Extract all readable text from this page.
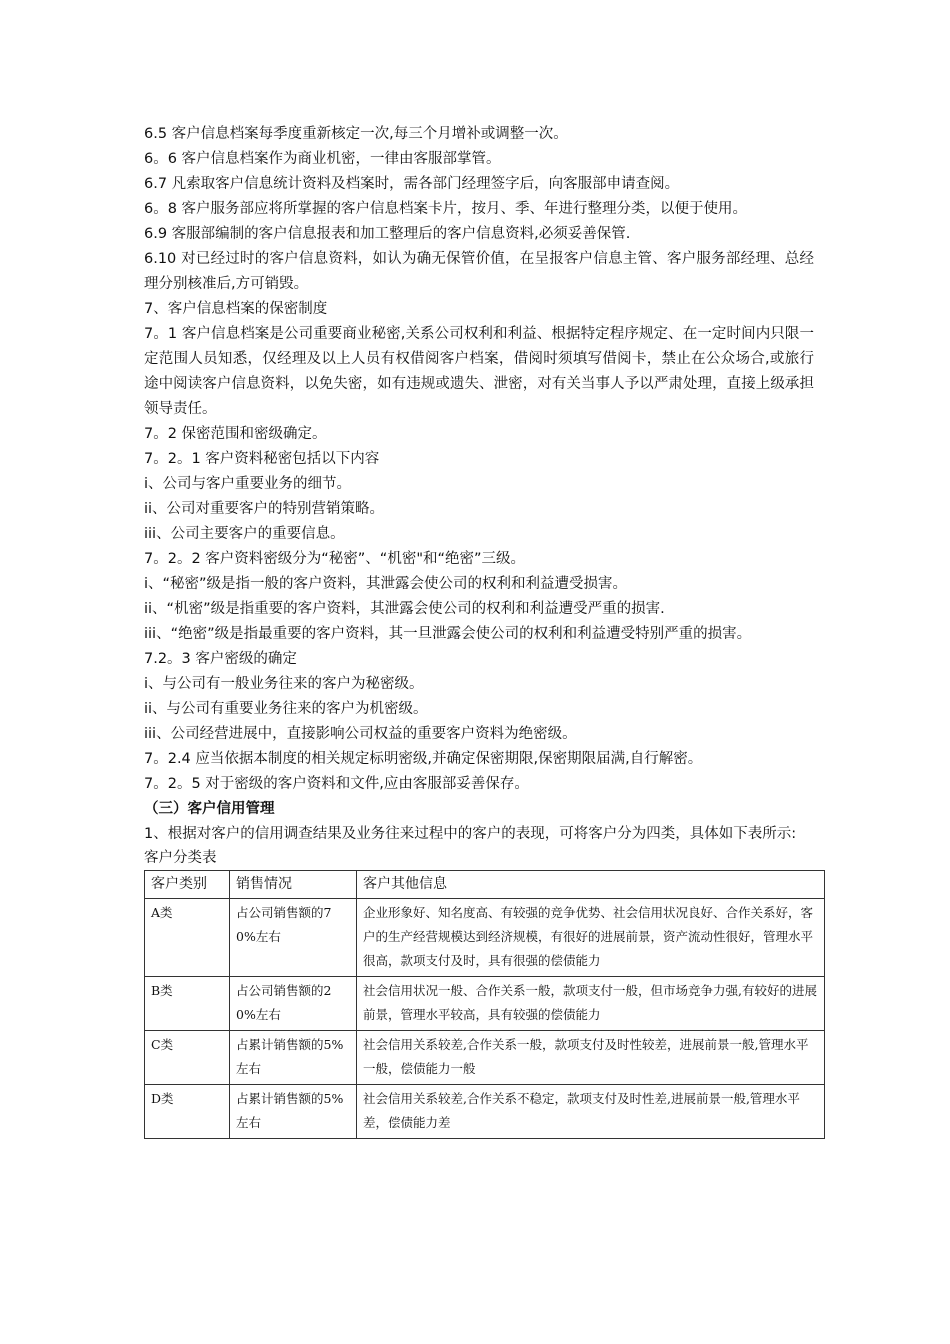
6.5 客户信息档案每季度重新核定一次,每三个月增补或调整一次。

6。6 客户信息档案作为商业机密，一律由客服部掌管。

6.7 凡索取客户信息统计资料及档案时，需各部门经理签字后，向客服部申请查阅。

6。8 客户服务部应将所掌握的客户信息档案卡片，按月、季、年进行整理分类，以便于使用。

6.9 客服部编制的客户信息报表和加工整理后的客户信息资料,必须妥善保管.

6.10 对已经过时的客户信息资料，如认为确无保管价值，在呈报客户信息主管、客户服务部经理、总经理分别核准后,方可销毁。

7、客户信息档案的保密制度

7。1 客户信息档案是公司重要商业秘密,关系公司权利和利益、根据特定程序规定、在一定时间内只限一定范围人员知悉，仅经理及以上人员有权借阅客户档案，借阅时须填写借阅卡，禁止在公众场合,或旅行途中阅读客户信息资料，以免失密，如有违规或遗失、泄密，对有关当事人予以严肃处理，直接上级承担领导责任。

7。2 保密范围和密级确定。

7。2。1 客户资料秘密包括以下内容

i、公司与客户重要业务的细节。

ii、公司对重要客户的特别营销策略。

iii、公司主要客户的重要信息。

7。2。2 客户资料密级分为“秘密”、“机密"和“绝密”三级。

i、“秘密”级是指一般的客户资料，其泄露会使公司的权利和利益遭受损害。

ii、“机密”级是指重要的客户资料，其泄露会使公司的权利和利益遭受严重的损害.

iii、“绝密”级是指最重要的客户资料，其一旦泄露会使公司的权利和利益遭受特别严重的损害。

7.2。3 客户密级的确定

i、与公司有一般业务往来的客户为秘密级。

ii、与公司有重要业务往来的客户为机密级。

iii、公司经营进展中，直接影响公司权益的重要客户资料为绝密级。

7。2.4 应当依据本制度的相关规定标明密级,并确定保密期限,保密期限届满,自行解密。

7。2。5 对于密级的客户资料和文件,应由客服部妥善保存。

（三）客户信用管理

1、根据对客户的信用调查结果及业务往来过程中的客户的表现，可将客户分为四类，具体如下表所示:

客户分类表

客户类别	销售情况	客户其他信息
A类	占公司销售额的70%左右	企业形象好、知名度高、有较强的竞争优势、社会信用状况良好、合作关系好，客户的生产经营规模达到经济规模，有很好的进展前景，资产流动性很好，管理水平很高，款项支付及时，具有很强的偿债能力
B类	占公司销售额的20%左右	社会信用状况一般、合作关系一般，款项支付一般，但市场竞争力强,有较好的进展前景，管理水平较高，具有较强的偿债能力
C类	占累计销售额的5%左右	社会信用关系较差,合作关系一般，款项支付及时性较差，进展前景一般,管理水平一般，偿债能力一般
D类	占累计销售额的5%左右	社会信用关系较差,合作关系不稳定，款项支付及时性差,进展前景一般,管理水平差，偿债能力差
